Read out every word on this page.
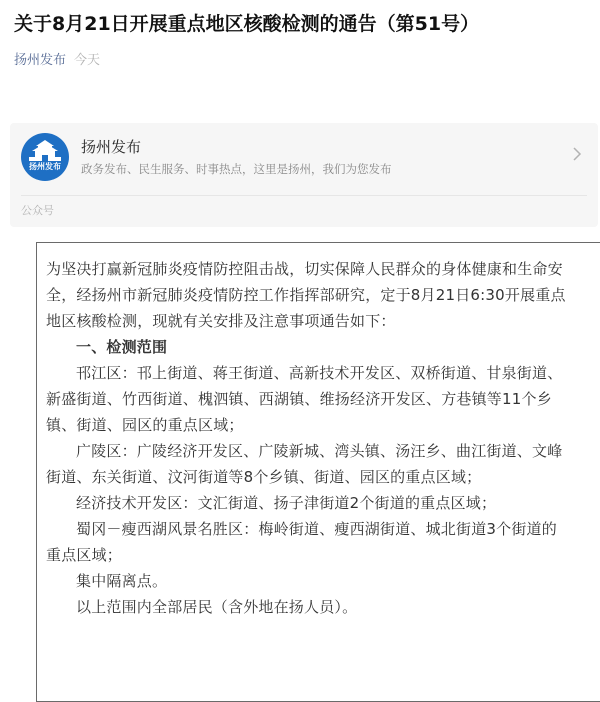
关于8月21日开展重点地区核酸检测的通告（第51号）
扬州发布 今天
扬州发布
扬州发布
政务发布、民生服务、时事热点，这里是扬州，我们为您发布
公众号

为坚决打赢新冠肺炎疫情防控阻击战，切实保障人民群众的身体健康和生命安全，经扬州市新冠肺炎疫情防控工作指挥部研究，定于8月21日6:30开展重点地区核酸检测，现就有关安排及注意事项通告如下：

一、检测范围

邗江区：邗上街道、蒋王街道、高新技术开发区、双桥街道、甘泉街道、新盛街道、竹西街道、槐泗镇、西湖镇、维扬经济开发区、方巷镇等11个乡镇、街道、园区的重点区域；

广陵区：广陵经济开发区、广陵新城、湾头镇、汤汪乡、曲江街道、文峰街道、东关街道、汶河街道等8个乡镇、街道、园区的重点区域；

经济技术开发区：文汇街道、扬子津街道2个街道的重点区域；

蜀冈－瘦西湖风景名胜区：梅岭街道、瘦西湖街道、城北街道3个街道的重点区域；

集中隔离点。

以上范围内全部居民（含外地在扬人员）。
